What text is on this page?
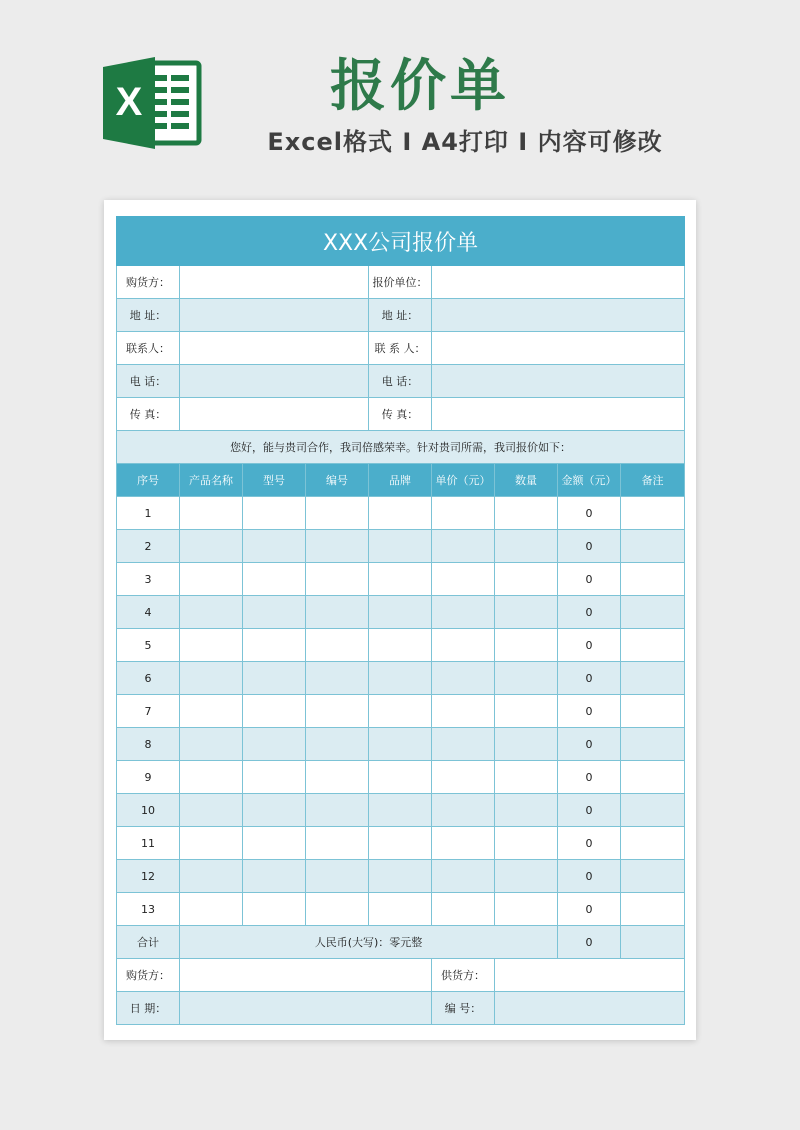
X	报价单
Excel格式 I A4打印 I 内容可修改
XXX公司报价单								
购货方：				报价单位：				
地 址：				地 址：				
联系人：				联 系 人：				
电 话：				电 话：				
传 真：				传 真：				
您好，能与贵司合作，我司倍感荣幸。针对贵司所需，我司报价如下：								
序号	产品名称	型号	编号	品牌	单价（元）	数量	金额（元）	备注
1							0	
2							0	
3							0	
4							0	
5							0	
6							0	
7							0	
8							0	
9							0	
10							0	
11							0	
12							0	
13							0	
合计	人民币(大写)：零元整						0	
购货方：					供货方：			
日 期：					编 号：			
